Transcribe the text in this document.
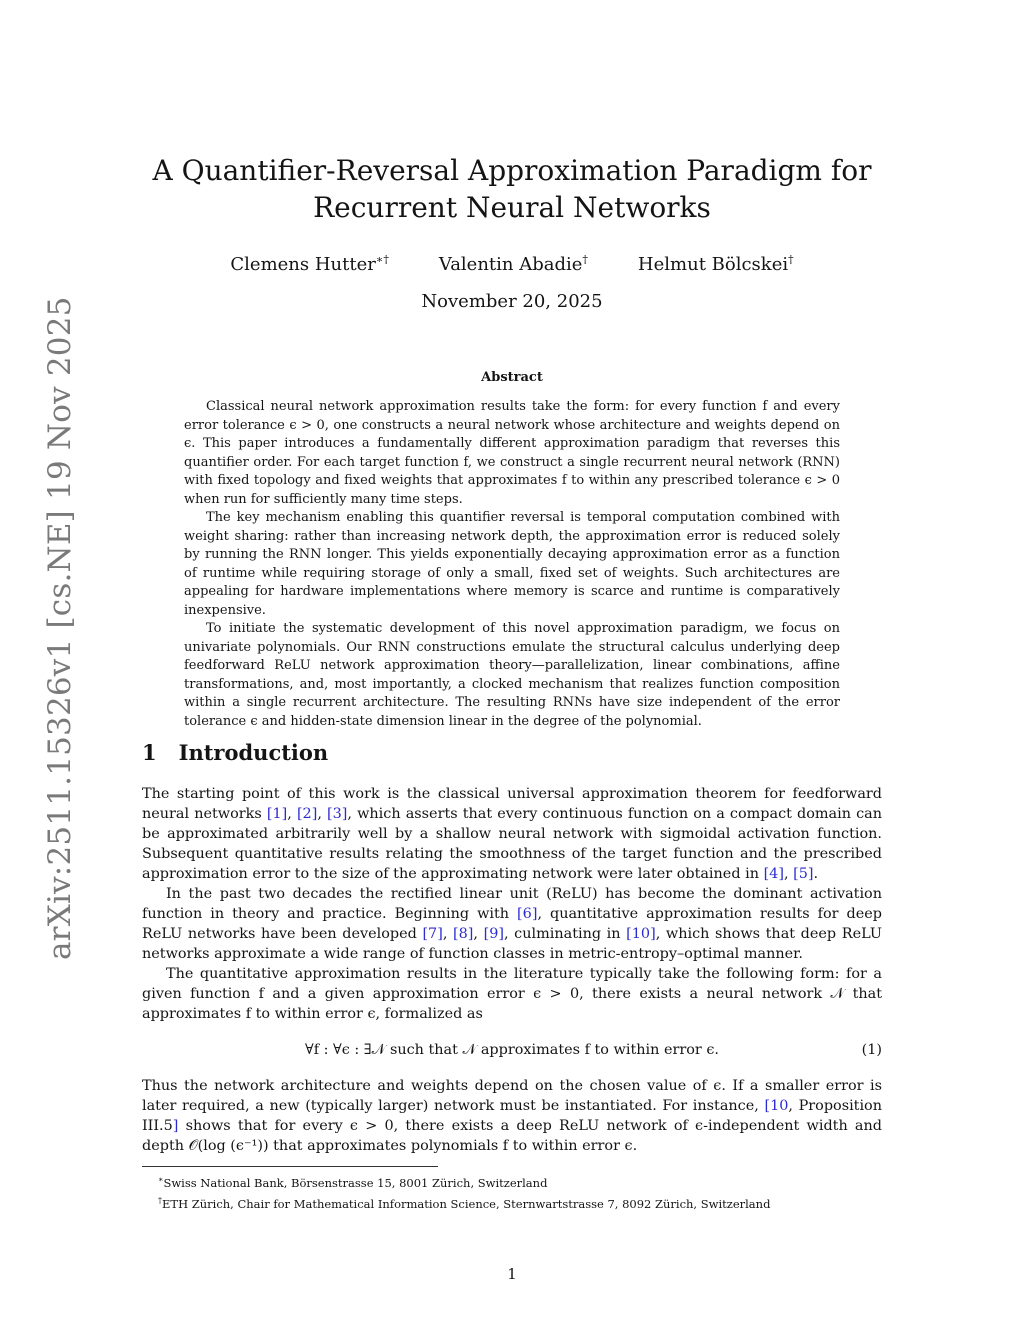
arXiv:2511.15326v1 [cs.NE] 19 Nov 2025
A Quantifier-Reversal Approximation Paradigm for Recurrent Neural Networks
Clemens Hutter∗†	Valentin Abadie†	Helmut Bölcskei†
November 20, 2025
Abstract

Classical neural network approximation results take the form: for every function f and every error tolerance ϵ > 0, one constructs a neural network whose architecture and weights depend on ϵ. This paper introduces a fundamentally different approximation paradigm that reverses this quantifier order. For each target function f, we construct a single recurrent neural network (RNN) with fixed topology and fixed weights that approximates f to within any prescribed tolerance ϵ > 0 when run for sufficiently many time steps.

The key mechanism enabling this quantifier reversal is temporal computation combined with weight sharing: rather than increasing network depth, the approximation error is reduced solely by running the RNN longer. This yields exponentially decaying approximation error as a function of runtime while requiring storage of only a small, fixed set of weights. Such architectures are appealing for hardware implementations where memory is scarce and runtime is comparatively inexpensive.

To initiate the systematic development of this novel approximation paradigm, we focus on univariate polynomials. Our RNN constructions emulate the structural calculus underlying deep feedforward ReLU network approximation theory—parallelization, linear combinations, affine transformations, and, most importantly, a clocked mechanism that realizes function composition within a single recurrent architecture. The resulting RNNs have size independent of the error tolerance ϵ and hidden-state dimension linear in the degree of the polynomial.

1 Introduction

The starting point of this work is the classical universal approximation theorem for feedforward neural networks [1], [2], [3], which asserts that every continuous function on a compact domain can be approximated arbitrarily well by a shallow neural network with sigmoidal activation function. Subsequent quantitative results relating the smoothness of the target function and the prescribed approximation error to the size of the approximating network were later obtained in [4], [5].

In the past two decades the rectified linear unit (ReLU) has become the dominant activation function in theory and practice. Beginning with [6], quantitative approximation results for deep ReLU networks have been developed [7], [8], [9], culminating in [10], which shows that deep ReLU networks approximate a wide range of function classes in metric-entropy–optimal manner.

The quantitative approximation results in the literature typically take the following form: for a given function f and a given approximation error ϵ > 0, there exists a neural network 𝒩 that approximates f to within error ϵ, formalized as

∀f : ∀ϵ : ∃𝒩 such that 𝒩 approximates f to within error ϵ.	(1)

Thus the network architecture and weights depend on the chosen value of ϵ. If a smaller error is later required, a new (typically larger) network must be instantiated. For instance, [10, Proposition III.5] shows that for every ϵ > 0, there exists a deep ReLU network of ϵ-independent width and depth 𝒪(log (ϵ⁻¹)) that approximates polynomials f to within error ϵ.

∗Swiss National Bank, Börsenstrasse 15, 8001 Zürich, Switzerland
†ETH Zürich, Chair for Mathematical Information Science, Sternwartstrasse 7, 8092 Zürich, Switzerland
1
